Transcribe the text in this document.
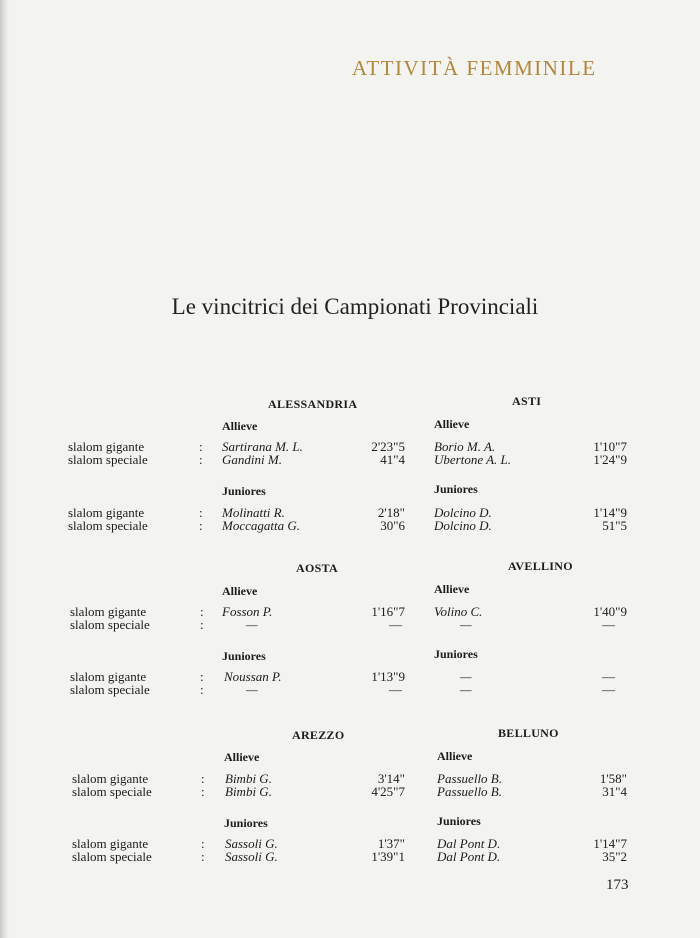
ATTIVITÀ FEMMINILE
Le vincitrici dei Campionati Provinciali
ALESSANDRIA	ASTI
Allieve	Allieve
slalom gigante	: Sartirana M. L.	2'23"5 Borio M. A.	1'10"7
slalom speciale	: Gandini M.	41"4 Ubertone A. L.	1'24"9
Juniores	Juniores
slalom gigante	: Molinatti R.	2'18" Dolcino D.	1'14"9
slalom speciale	: Moccagatta G.	30"6 Dolcino D.	51"5
AOSTA	AVELLINO
Allieve	Allieve
slalom gigante	: Fosson P.	1'16"7 Volino C.	1'40"9
slalom speciale	:	—	—	—	—
Juniores	Juniores
slalom gigante	: Noussan P.	1'13"9	—	—
slalom speciale	:	—	—	—	—
AREZZO	BELLUNO
Allieve	Allieve
slalom gigante	: Bimbi G.	3'14" Passuello B.	1'58"
slalom speciale	: Bimbi G.	4'25"7 Passuello B.	31"4
Juniores	Juniores
slalom gigante	: Sassoli G.	1'37" Dal Pont D.	1'14"7
slalom speciale	: Sassoli G.	1'39"1 Dal Pont D.	35"2
173
